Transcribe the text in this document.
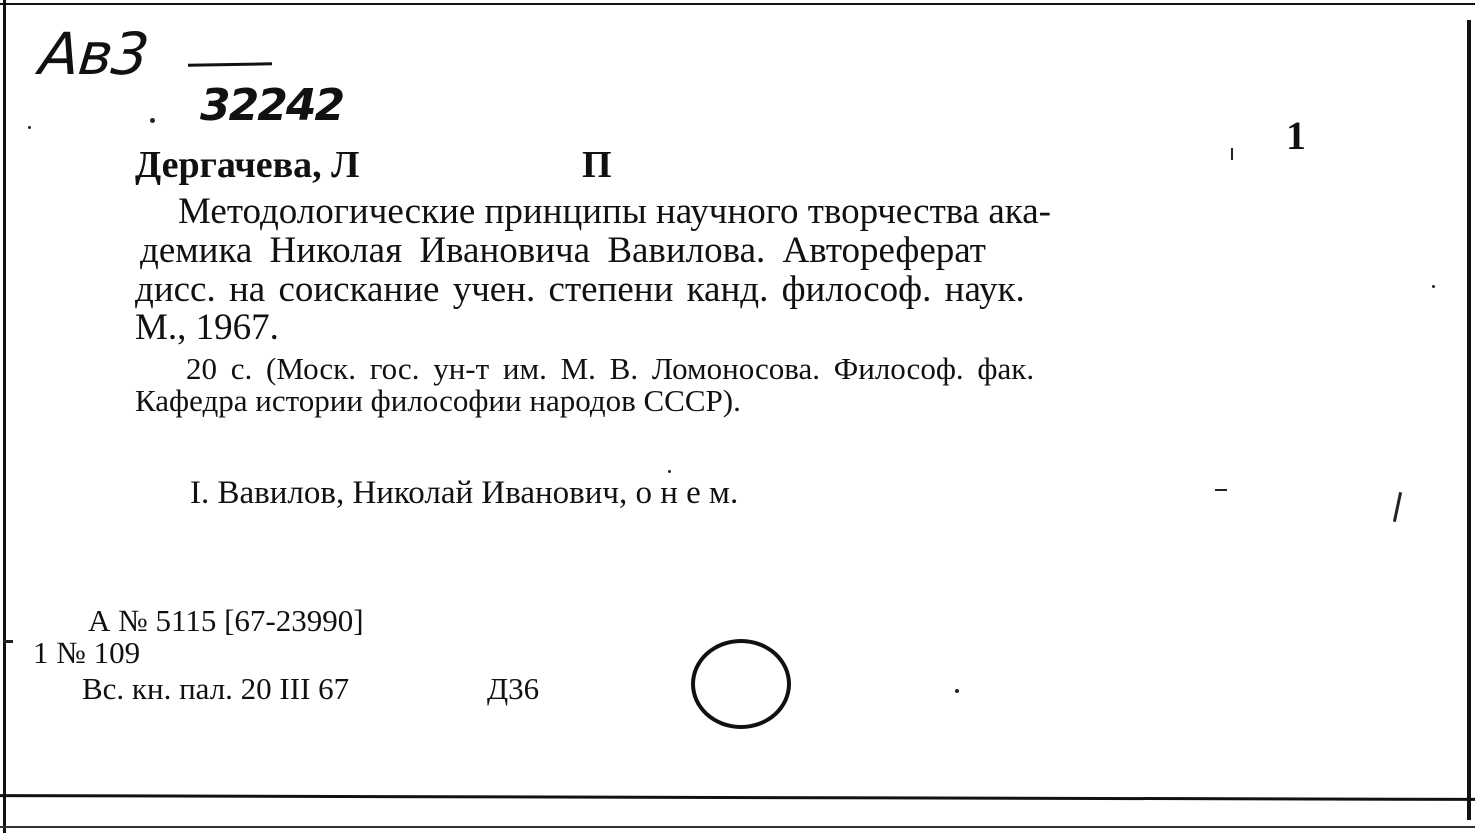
Ав3
32242
1
Дергачева, Л	П
Методологические принципы научного творчества ака-
демика Николая Ивановича Вавилова. Автореферат
дисс. на соискание учен. степени канд. философ. наук.
М., 1967.
20 с. (Моск. гос. ун-т им. М. В. Ломоносова. Философ. фак.
Кафедра истории философии народов СССР).
I. Вавилов, Николай Иванович, о н е м.
А № 5115 [67-23990]
1 № 109
Вс. кн. пал. 20 III 67	Д36
